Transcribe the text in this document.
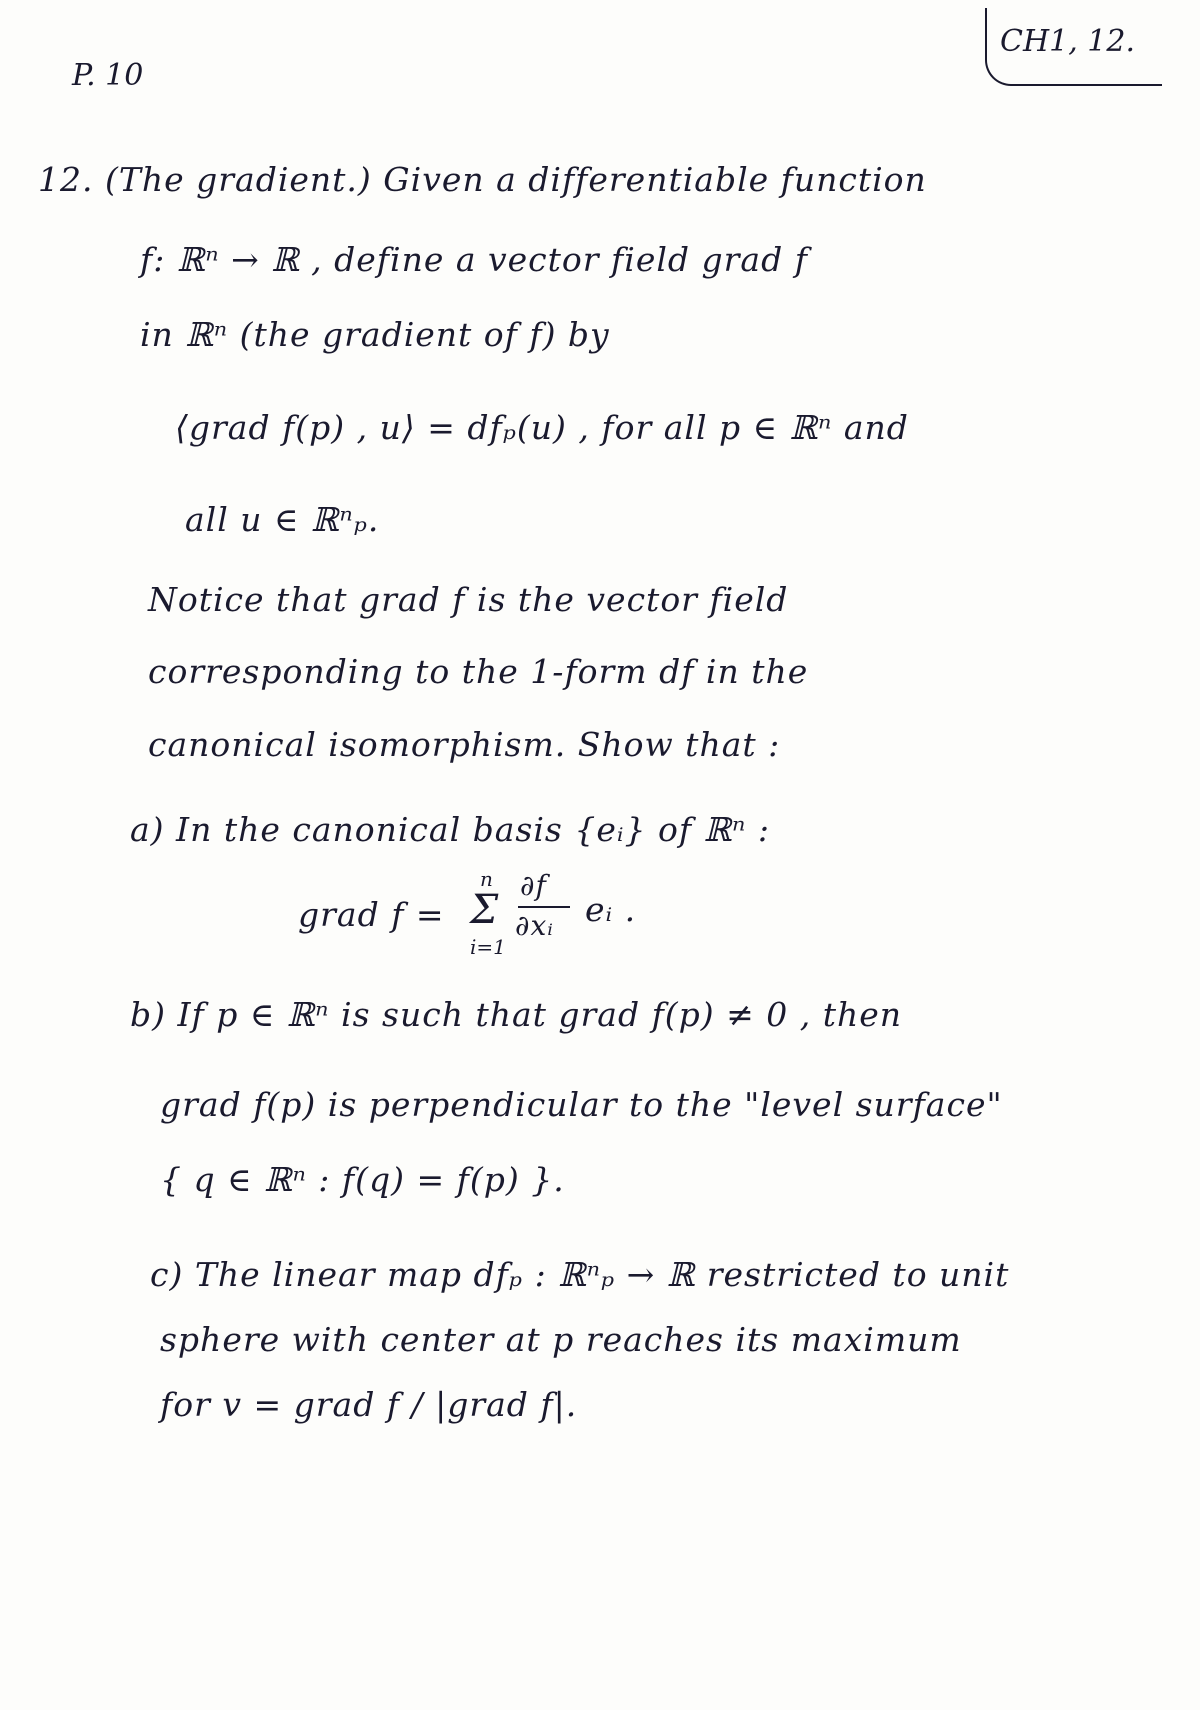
CH1, 12.
P. 10
12. (The gradient.) Given a differentiable function
f: ℝⁿ → ℝ , define a vector field grad f
in ℝⁿ (the gradient of f) by
⟨grad f(p) , u⟩ = dfₚ(u) , for all p ∈ ℝⁿ and
all u ∈ ℝⁿₚ.
Notice that grad f is the vector field
corresponding to the 1-form df in the
canonical isomorphism. Show that :
a) In the canonical basis {eᵢ} of ℝⁿ :
grad f =
n
Σ
i=1
∂f
∂xᵢ eᵢ .
b) If p ∈ ℝⁿ is such that grad f(p) ≠ 0 , then
grad f(p) is perpendicular to the "level surface"
{ q ∈ ℝⁿ : f(q) = f(p) }.
c) The linear map dfₚ : ℝⁿₚ → ℝ restricted to unit
sphere with center at p reaches its maximum
for v = grad f / |grad f|.
